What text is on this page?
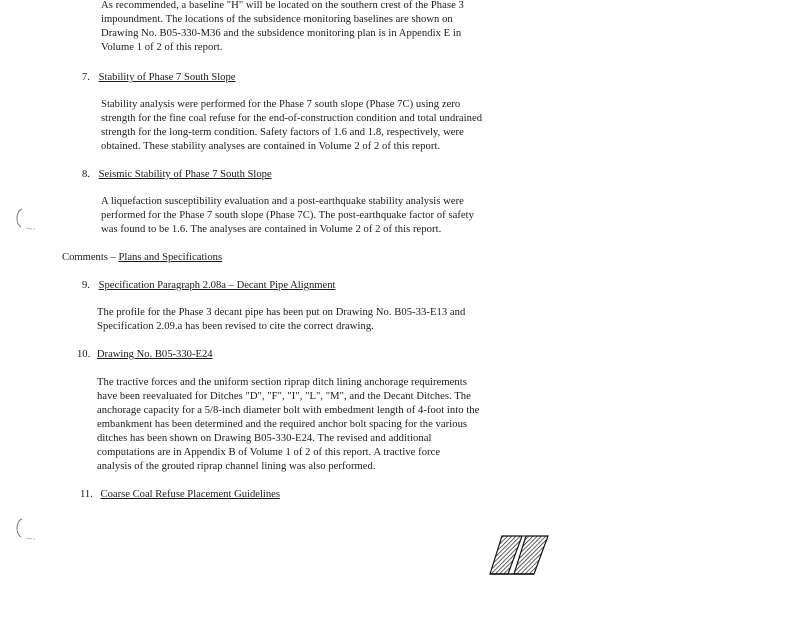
As recommended, a baseline "H" will be located on the southern crest of the Phase 3
impoundment. The locations of the subsidence monitoring baselines are shown on
Drawing No. B05-330-M36 and the subsidence monitoring plan is in Appendix E in
Volume 1 of 2 of this report.
7. Stability of Phase 7 South Slope
Stability analysis were performed for the Phase 7 south slope (Phase 7C) using zero
strength for the fine coal refuse for the end-of-construction condition and total undrained
strength for the long-term condition. Safety factors of 1.6 and 1.8, respectively, were
obtained. These stability analyses are contained in Volume 2 of 2 of this report.
8. Seismic Stability of Phase 7 South Slope
A liquefaction susceptibility evaluation and a post-earthquake stability analysis were
performed for the Phase 7 south slope (Phase 7C). The post-earthquake factor of safety
was found to be 1.6. The analyses are contained in Volume 2 of 2 of this report.
Comments – Plans and Specifications
9. Specification Paragraph 2.08a – Decant Pipe Alignment
The profile for the Phase 3 decant pipe has been put on Drawing No. B05-33-E13 and
Specification 2.09.a has been revised to cite the correct drawing.
10. Drawing No. B05-330-E24
The tractive forces and the uniform section riprap ditch lining anchorage requirements
have been reevaluated for Ditches "D", "F", "I", "L", "M", and the Decant Ditches. The
anchorage capacity for a 5/8-inch diameter bolt with embedment length of 4-foot into the
embankment has been determined and the required anchor bolt spacing for the various
ditches has been shown on Drawing B05-330-E24. The revised and additional
computations are in Appendix B of Volume 1 of 2 of this report. A tractive force
analysis of the grouted riprap channel lining was also performed.
11. Coarse Coal Refuse Placement Guidelines
